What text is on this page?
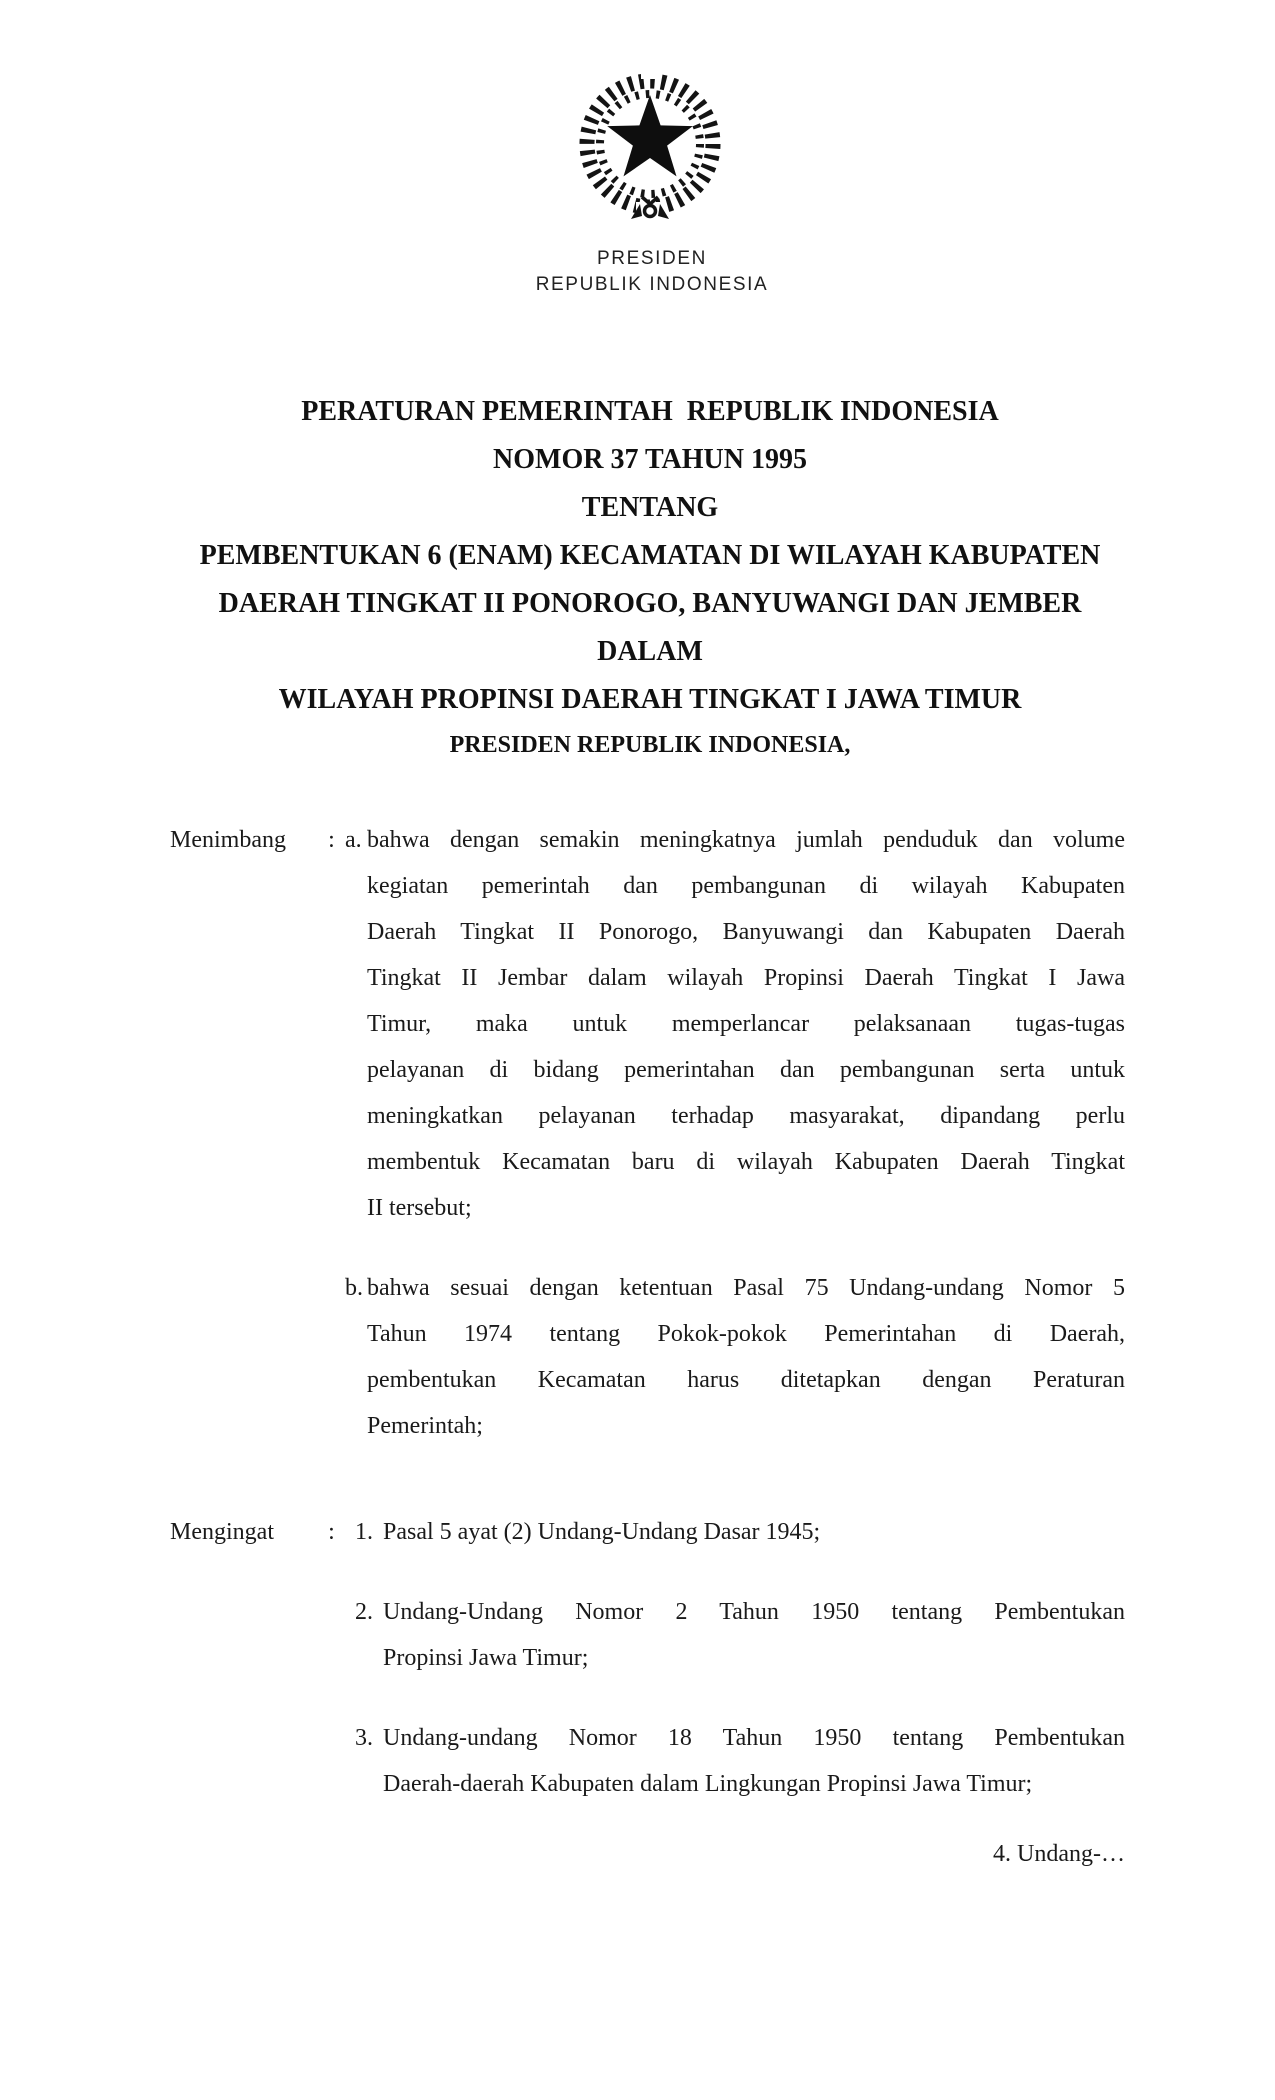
PRESIDEN
REPUBLIK INDONESIA
PERATURAN PEMERINTAH  REPUBLIK INDONESIA
NOMOR 37 TAHUN 1995
TENTANG
PEMBENTUKAN 6 (ENAM) KECAMATAN DI WILAYAH KABUPATEN
DAERAH TINGKAT II PONOROGO, BANYUWANGI DAN JEMBER DALAM
WILAYAH PROPINSI DAERAH TINGKAT I JAWA TIMUR
PRESIDEN REPUBLIK INDONESIA,
Menimbang	: a. bahwa dengan semakin meningkatnya jumlah penduduk dan volume
kegiatan pemerintah dan pembangunan di wilayah Kabupaten
Daerah Tingkat II Ponorogo, Banyuwangi dan Kabupaten Daerah
Tingkat II Jembar dalam wilayah Propinsi Daerah Tingkat I Jawa
Timur, maka untuk memperlancar pelaksanaan tugas-tugas
pelayanan di bidang pemerintahan dan pembangunan serta untuk
meningkatkan pelayanan terhadap masyarakat, dipandang perlu
membentuk Kecamatan baru di wilayah Kabupaten Daerah Tingkat
II tersebut;
b. bahwa sesuai dengan ketentuan Pasal 75 Undang-undang Nomor 5
Tahun 1974 tentang Pokok-pokok Pemerintahan di Daerah,
pembentukan Kecamatan harus ditetapkan dengan Peraturan
Pemerintah;
Mengingat	: 1. Pasal 5 ayat (2) Undang-Undang Dasar 1945;
2. Undang-Undang Nomor 2 Tahun 1950 tentang Pembentukan
Propinsi Jawa Timur;
3. Undang-undang Nomor 18 Tahun 1950 tentang Pembentukan
Daerah-daerah Kabupaten dalam Lingkungan Propinsi Jawa Timur;
4. Undang-…
